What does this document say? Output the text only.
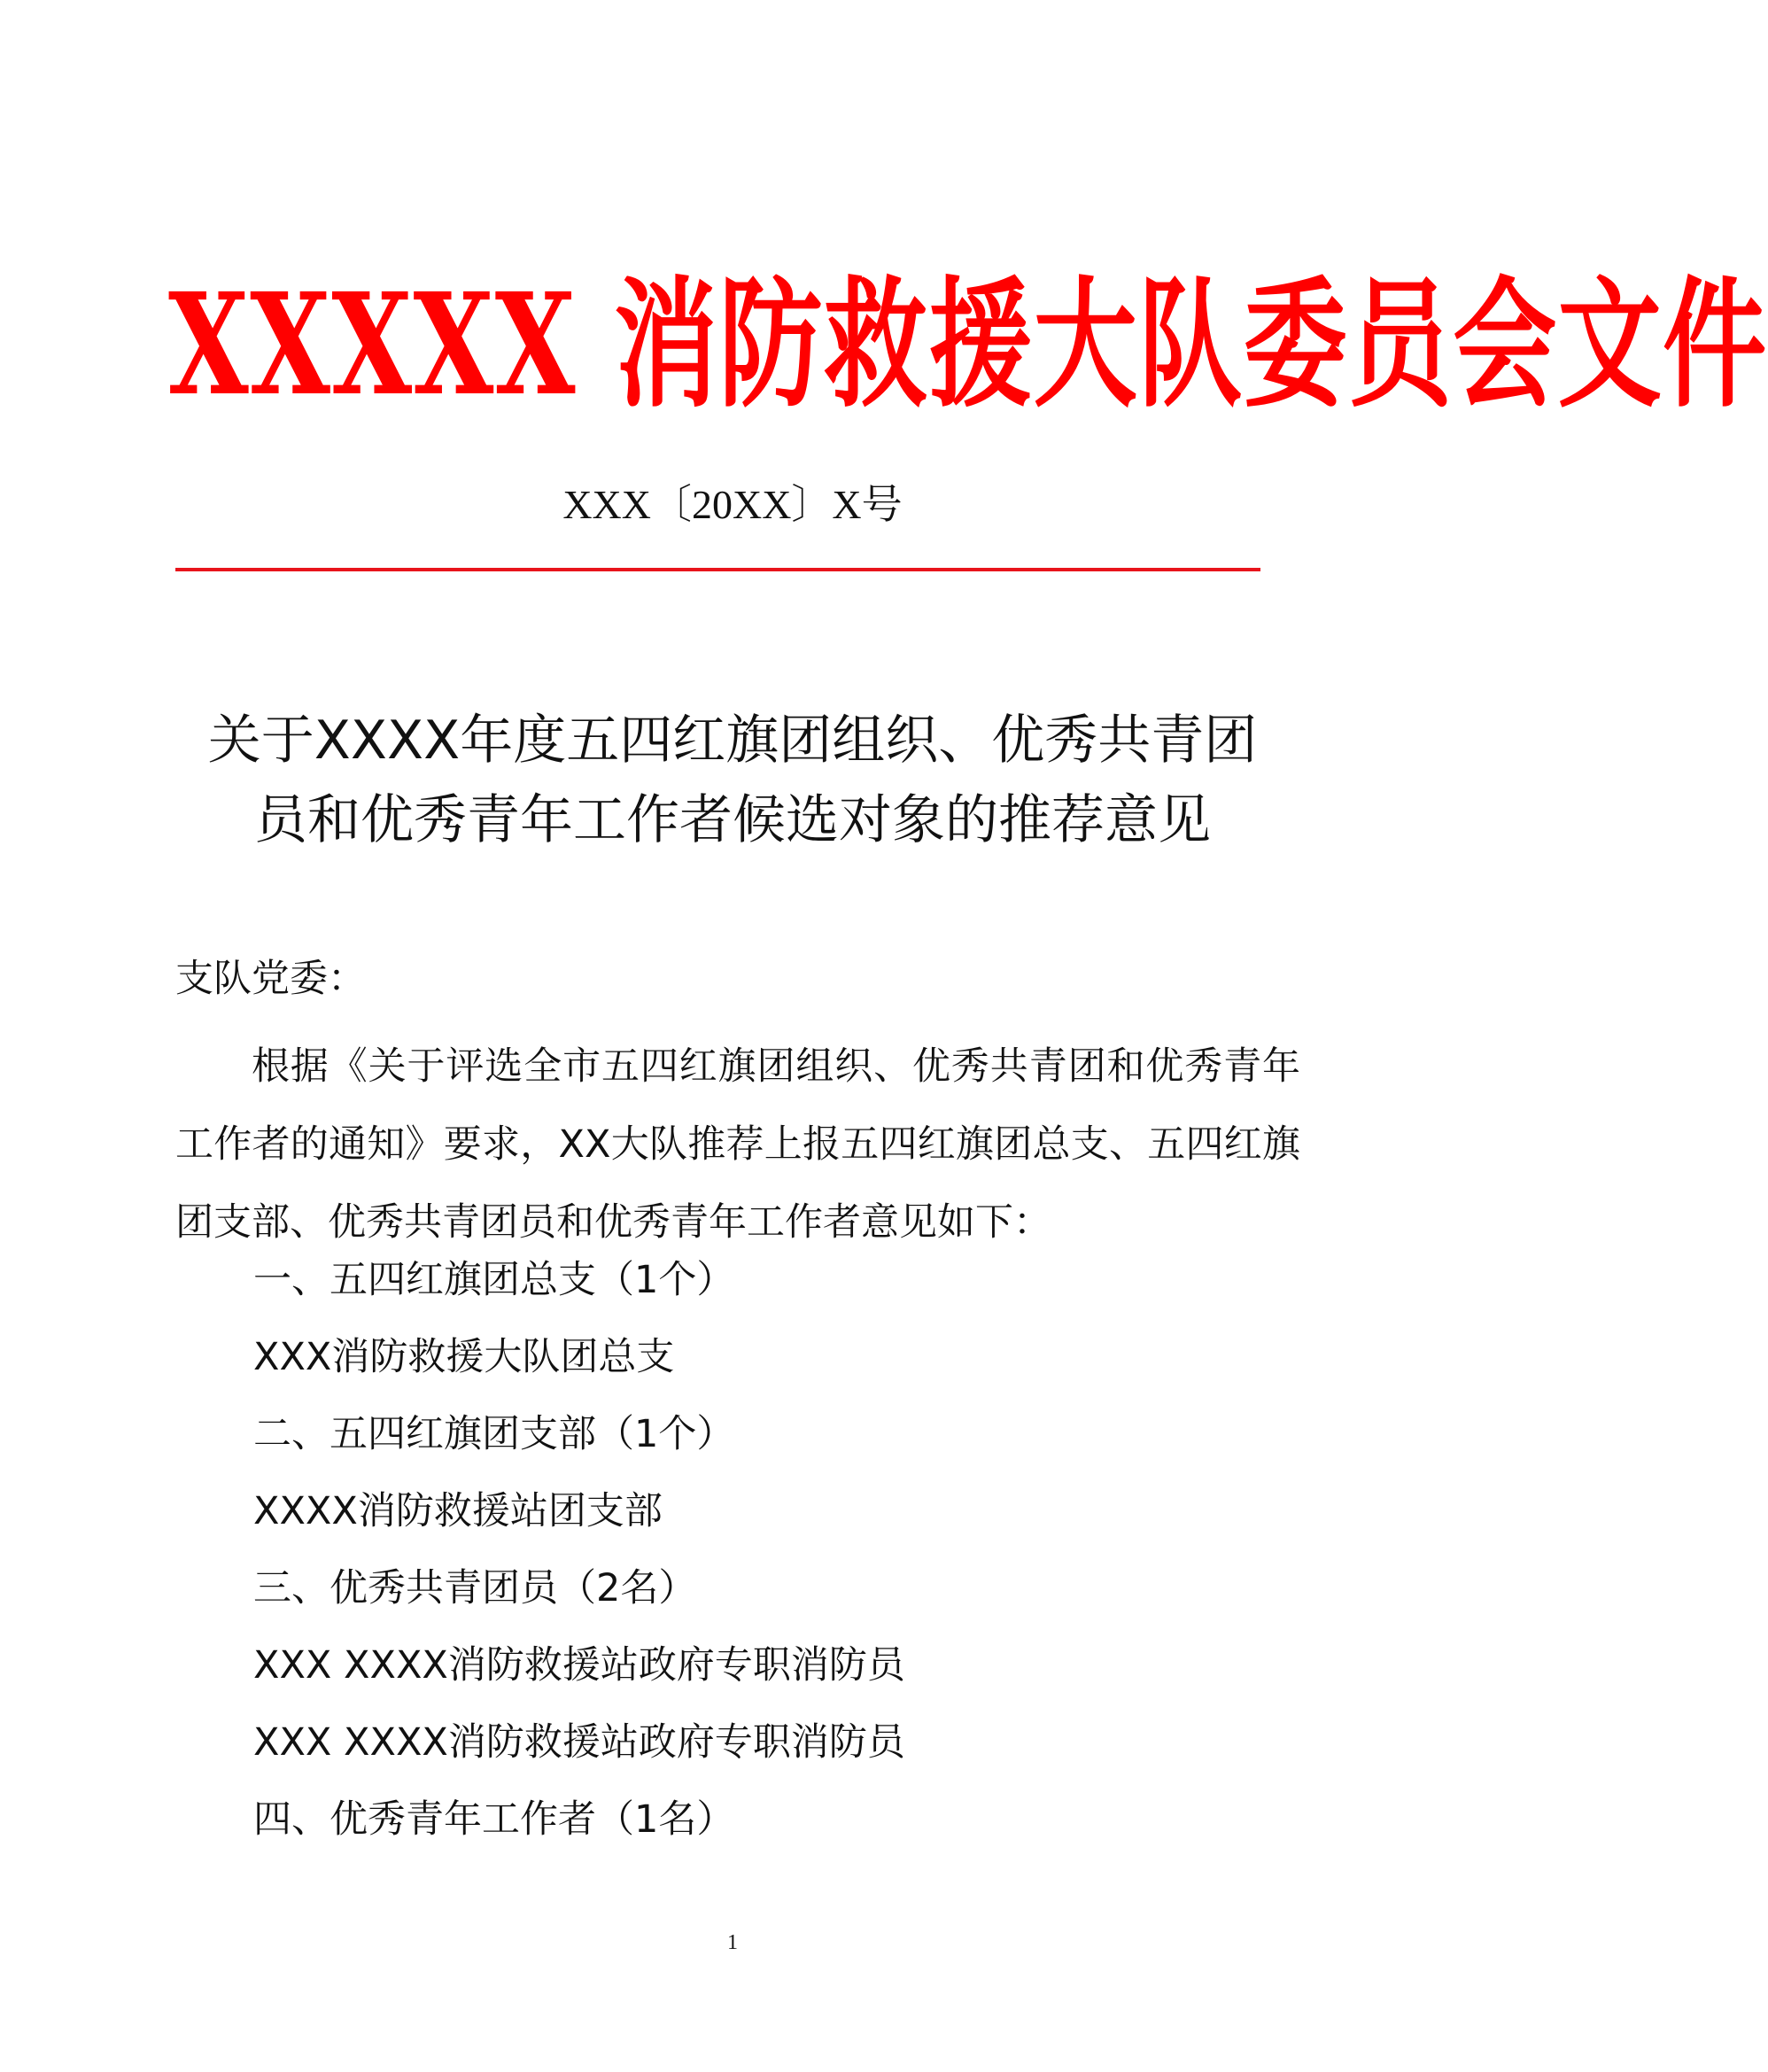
XXXXX 消防救援大队委员会文件
XXX〔20XX〕X号
关于XXXX年度五四红旗团组织、优秀共青团
员和优秀青年工作者候选对象的推荐意见
支队党委：
根据《关于评选全市五四红旗团组织、优秀共青团和优秀青年工作者的通知》要求，XX大队推荐上报五四红旗团总支、五四红旗团支部、优秀共青团员和优秀青年工作者意见如下：
一、五四红旗团总支（1个）
XXX消防救援大队团总支
二、五四红旗团支部（1个）
XXXX消防救援站团支部
三、优秀共青团员（2名）
XXX XXXX消防救援站政府专职消防员
XXX XXXX消防救援站政府专职消防员
四、优秀青年工作者（1名）
1
